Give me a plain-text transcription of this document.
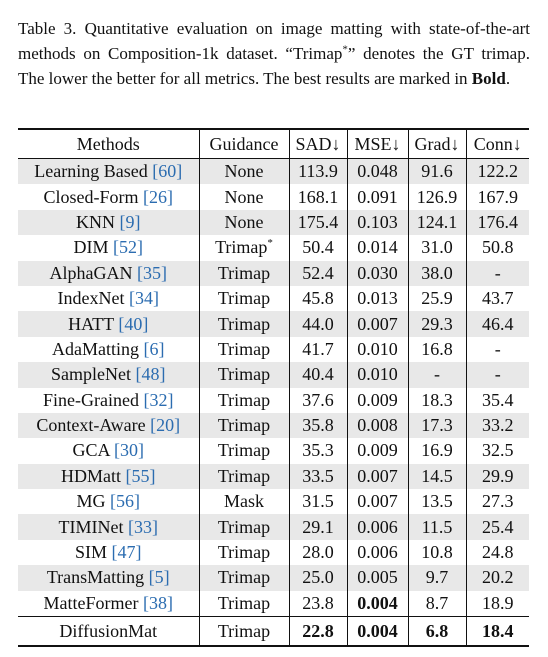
Table 3. Quantitative evaluation on image matting with state-of-the-art methods on Composition-1k dataset. “Trimap*” denotes the GT trimap. The lower the better for all metrics. The best results are marked in Bold.
Methods	Guidance	SAD↓	MSE↓	Grad↓	Conn↓
Learning Based [60]	None	113.9	0.048	91.6	122.2
Closed-Form [26]	None	168.1	0.091	126.9	167.9
KNN [9]	None	175.4	0.103	124.1	176.4
DIM [52]	Trimap*	50.4	0.014	31.0	50.8
AlphaGAN [35]	Trimap	52.4	0.030	38.0	-
IndexNet [34]	Trimap	45.8	0.013	25.9	43.7
HATT [40]	Trimap	44.0	0.007	29.3	46.4
AdaMatting [6]	Trimap	41.7	0.010	16.8	-
SampleNet [48]	Trimap	40.4	0.010	-	-
Fine-Grained [32]	Trimap	37.6	0.009	18.3	35.4
Context-Aware [20]	Trimap	35.8	0.008	17.3	33.2
GCA [30]	Trimap	35.3	0.009	16.9	32.5
HDMatt [55]	Trimap	33.5	0.007	14.5	29.9
MG [56]	Mask	31.5	0.007	13.5	27.3
TIMINet [33]	Trimap	29.1	0.006	11.5	25.4
SIM [47]	Trimap	28.0	0.006	10.8	24.8
TransMatting [5]	Trimap	25.0	0.005	9.7	20.2
MatteFormer [38]	Trimap	23.8	0.004	8.7	18.9
DiffusionMat	Trimap	22.8	0.004	6.8	18.4
